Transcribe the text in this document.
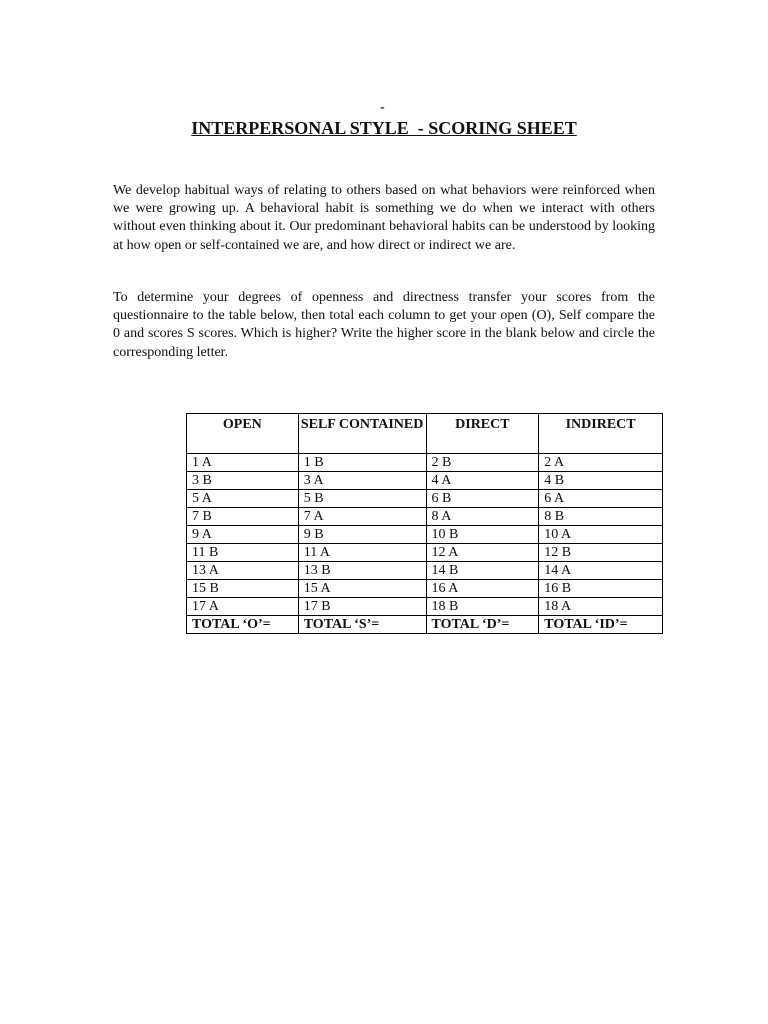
-
INTERPERSONAL STYLE  - SCORING SHEET

We develop habitual ways of relating to others based on what behaviors were reinforced when we were growing up. A behavioral habit is something we do when we interact with others without even thinking about it. Our predominant behavioral habits can be understood by looking at how open or self-contained we are, and how direct or indirect we are.

To determine your degrees of openness and directness transfer your scores from the questionnaire to the table below, then total each column to get your open (O), Self compare the 0 and scores S scores. Which is higher? Write the higher score in the blank below and circle the corresponding letter.

OPEN	SELF CONTAINED	DIRECT	INDIRECT
1 A	1 B	2 B	2 A
3 B	3 A	4 A	4 B
5 A	5 B	6 B	6 A
7 B	7 A	8 A	8 B
9 A	9 B	10 B	10 A
11 B	11 A	12 A	12 B
13 A	13 B	14 B	14 A
15 B	15 A	16 A	16 B
17 A	17 B	18 B	18 A
TOTAL ‘O’=	TOTAL ‘S’=	TOTAL ‘D’=	TOTAL ‘ID’=
